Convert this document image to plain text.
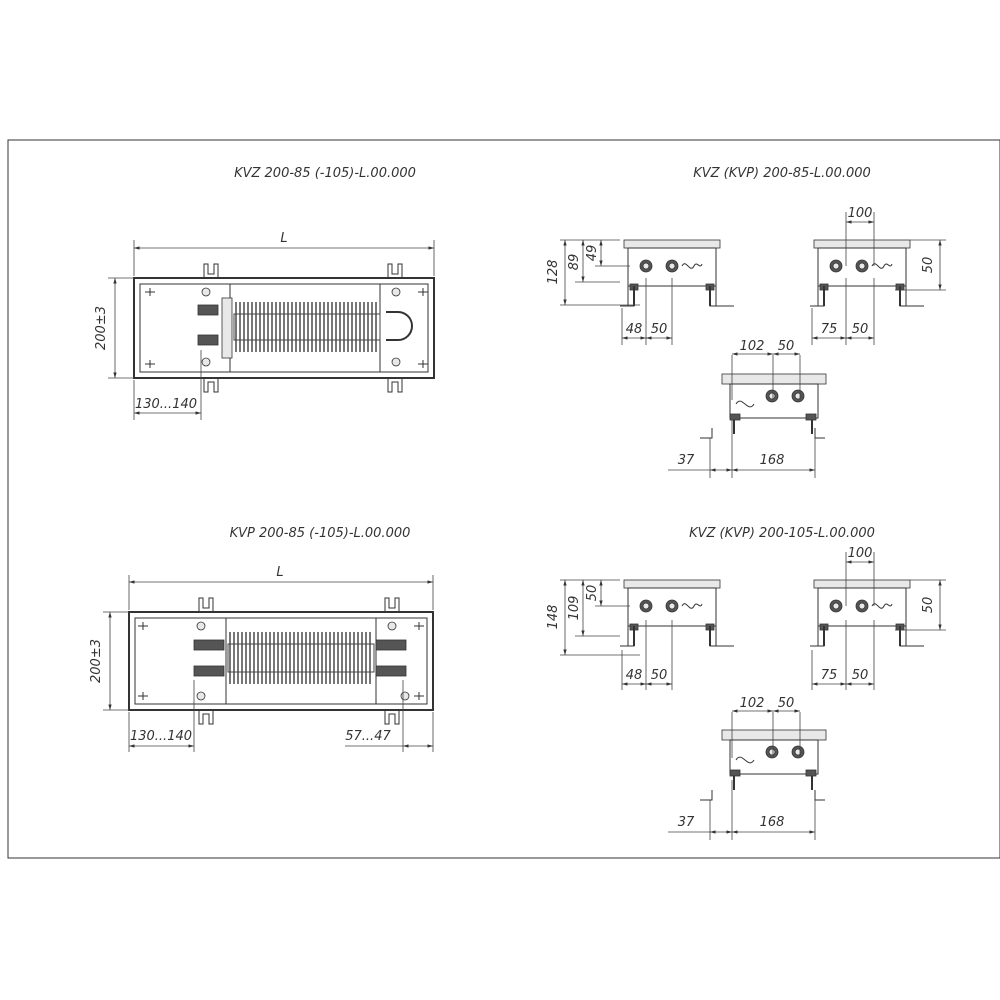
KVZ 200-85 (-105)-L.00.000
L
200±3
130...140
KVP 200-85 (-105)-L.00.000
L
200±3
130...140	57...47
KVZ (KVP) 200-85-L.00.000
KVZ (KVP) 200-105-L.00.000
128 89
49
48 50
100
50
75 50
102 50
37	168
148 109
50
48 50
100
50
75 50
102 50
37	168
